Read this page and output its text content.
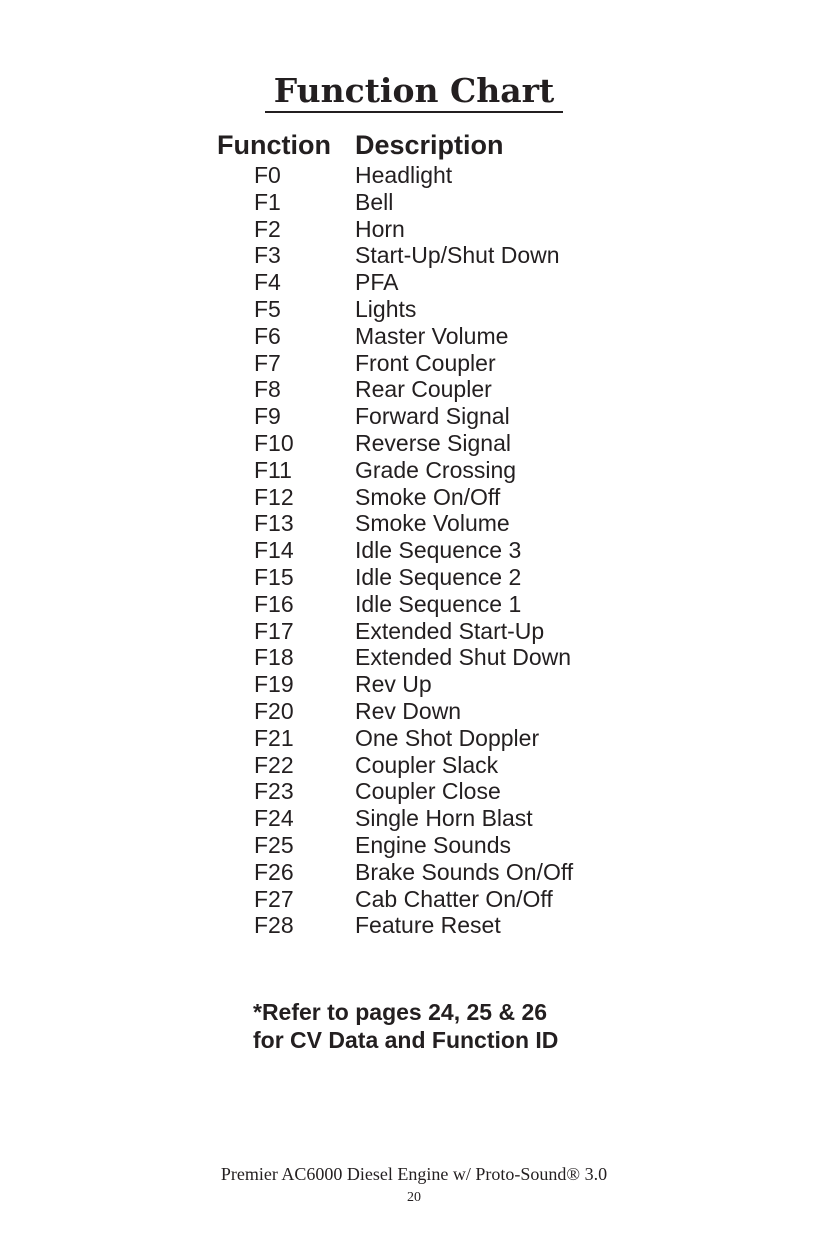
Function Chart
Function Description
F0	Headlight
F1	Bell
F2	Horn
F3	Start-Up/Shut Down
F4	PFA
F5	Lights
F6	Master Volume
F7	Front Coupler
F8	Rear Coupler
F9	Forward Signal
F10	Reverse Signal
F11	Grade Crossing
F12	Smoke On/Off
F13	Smoke Volume
F14	Idle Sequence 3
F15	Idle Sequence 2
F16	Idle Sequence 1
F17	Extended Start-Up
F18	Extended Shut Down
F19	Rev Up
F20	Rev Down
F21	One Shot Doppler
F22	Coupler Slack
F23	Coupler Close
F24	Single Horn Blast
F25	Engine Sounds
F26	Brake Sounds On/Off
F27	Cab Chatter On/Off
F28	Feature Reset
*Refer to pages 24, 25 & 26
for CV Data and Function ID
Premier AC6000 Diesel Engine w/ Proto-Sound® 3.0
20
